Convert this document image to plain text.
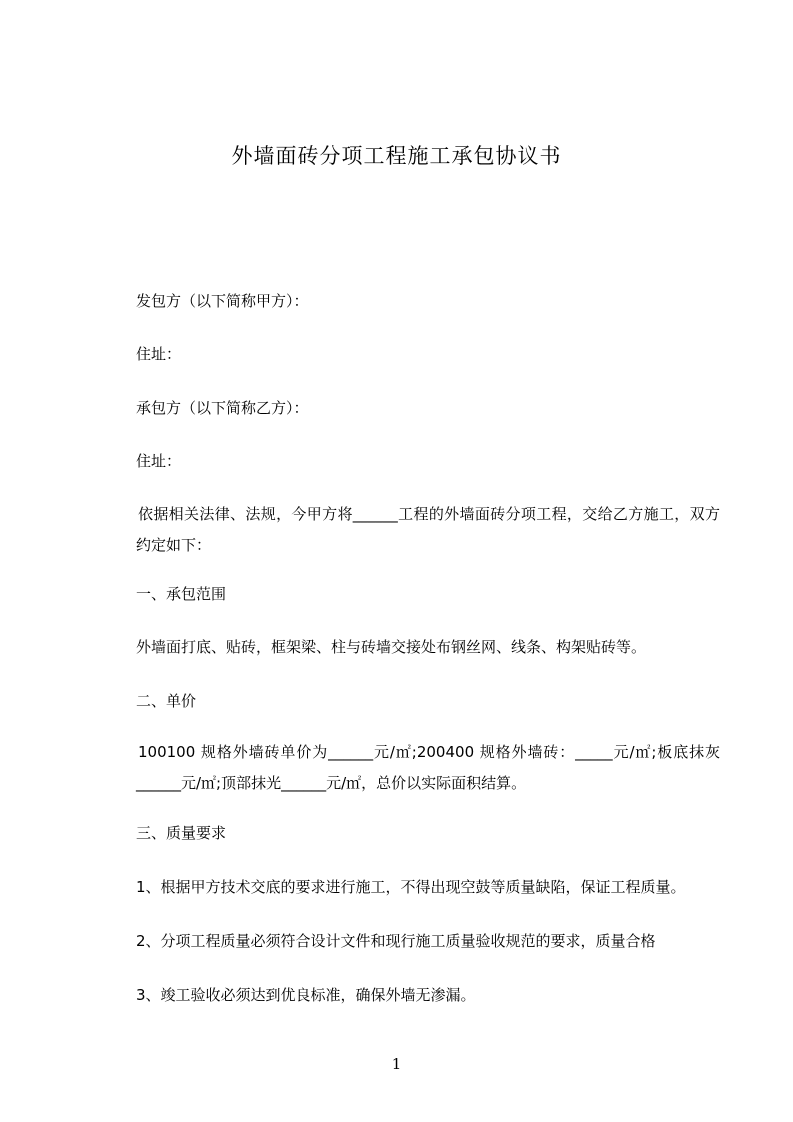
外墙面砖分项工程施工承包协议书
发包方（以下简称甲方）：
住址：
承包方（以下简称乙方）：
住址：
依据相关法律、法规，今甲方将______工程的外墙面砖分项工程，交给乙方施工，双方约定如下：
一、承包范围
外墙面打底、贴砖，框架梁、柱与砖墙交接处布钢丝网、线条、构架贴砖等。
二、单价
100100 规格外墙砖单价为______元/㎡;200400 规格外墙砖：_____元/㎡;板底抹灰______元/㎡;顶部抹光______元/㎡，总价以实际面积结算。
三、质量要求
1、根据甲方技术交底的要求进行施工，不得出现空鼓等质量缺陷，保证工程质量。
2、分项工程质量必须符合设计文件和现行施工质量验收规范的要求，质量合格
3、竣工验收必须达到优良标准，确保外墙无渗漏。
1
